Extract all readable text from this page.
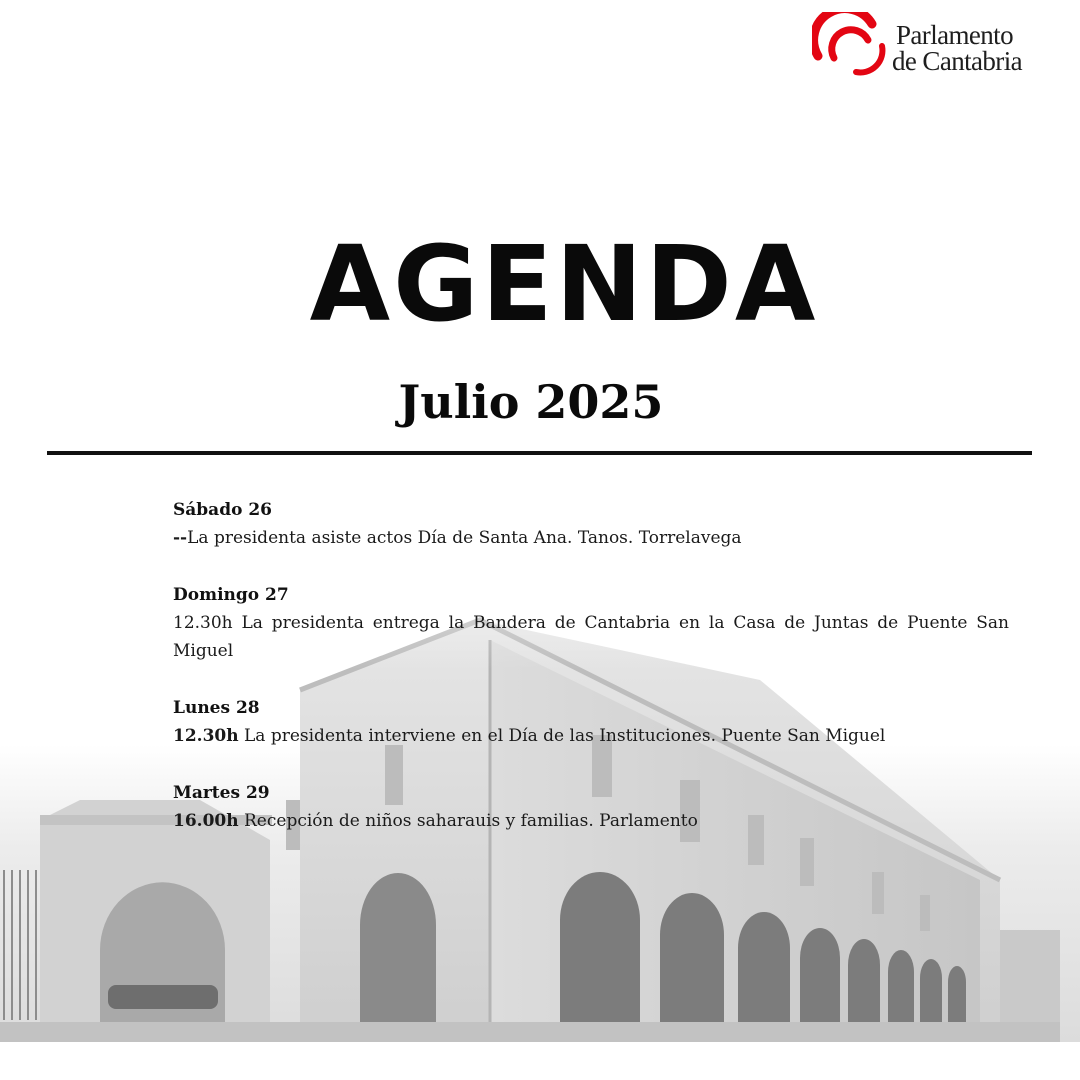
Parlamento
de Cantabria
AGENDA
Julio 2025
Sábado 26
--La presidenta asiste actos Día de Santa Ana. Tanos. Torrelavega
Domingo 27
12.30h La presidenta entrega la Bandera de Cantabria en la Casa de Juntas de Puente San Miguel
Lunes 28
12.30h La presidenta interviene en el Día de las Instituciones. Puente San Miguel
Martes 29
16.00h Recepción de niños saharauis y familias. Parlamento
